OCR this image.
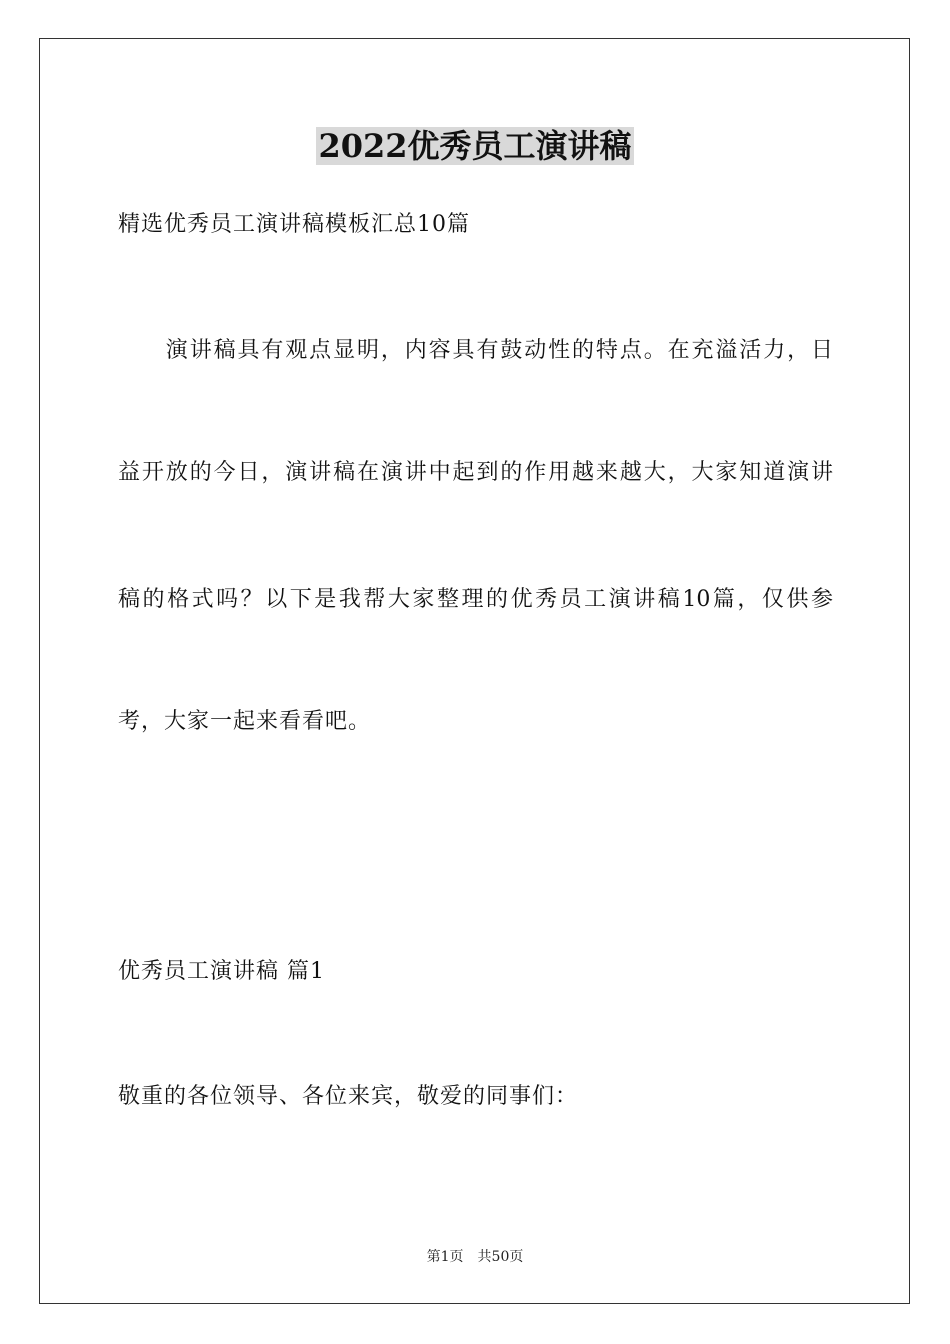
2022优秀员工演讲稿
精选优秀员工演讲稿模板汇总10篇
　　演讲稿具有观点显明，内容具有鼓动性的特点。在充溢活力，日
益开放的今日，演讲稿在演讲中起到的作用越来越大，大家知道演讲
稿的格式吗？以下是我帮大家整理的优秀员工演讲稿10篇，仅供参
考，大家一起来看看吧。
优秀员工演讲稿 篇1
敬重的各位领导、各位来宾，敬爱的同事们：
第1页 共50页
